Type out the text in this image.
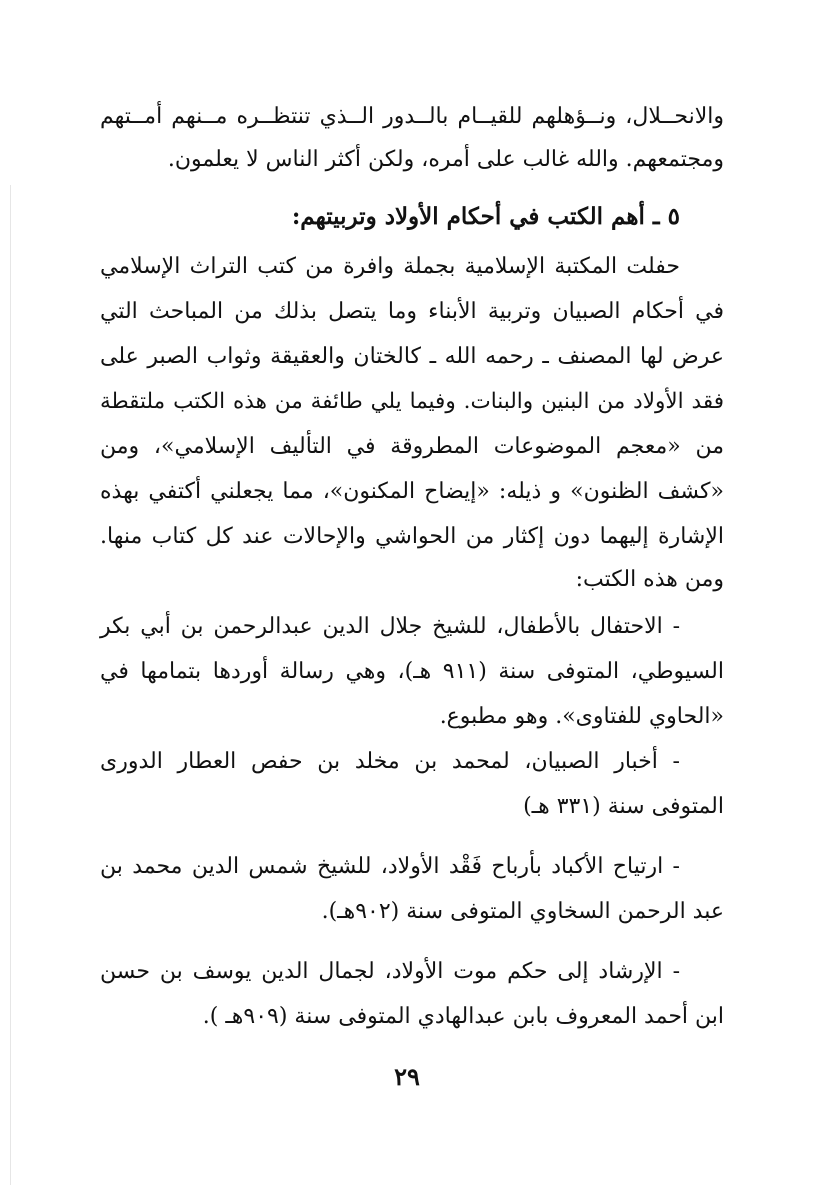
والانحــلال، ونــؤهلهم للقيــام بالــدور الــذي تنتظــره مــنهم أمــتهم
ومجتمعهم. والله غالب على أمره، ولكن أكثر الناس لا يعلمون.
٥ ـ أهم الكتب في أحكام الأولاد وتربيتهم:
حفلت المكتبة الإسلامية بجملة وافرة من كتب التراث الإسلامي
في أحكام الصبيان وتربية الأبناء وما يتصل بذلك من المباحث التي
عرض لها المصنف ـ رحمه الله ـ كالختان والعقيقة وثواب الصبر على
فقد الأولاد من البنين والبنات. وفيما يلي طائفة من هذه الكتب ملتقطة
من «معجم الموضوعات المطروقة في التأليف الإسلامي»، ومن
«كشف الظنون» و ذيله: «إيضاح المكنون»، مما يجعلني أكتفي بهذه
الإشارة إليهما دون إكثار من الحواشي والإحالات عند كل كتاب منها.
ومن هذه الكتب:
- الاحتفال بالأطفال، للشيخ جلال الدين عبدالرحمن بن أبي بكر
السيوطي، المتوفى سنة (٩١١ هـ)، وهي رسالة أوردها بتمامها في
«الحاوي للفتاوى». وهو مطبوع.
- أخبار الصبيان، لمحمد بن مخلد بن حفص العطار الدورى
المتوفى سنة (٣٣١ هـ)
- ارتياح الأكباد بأرباح فَقْد الأولاد، للشيخ شمس الدين محمد بن
عبد الرحمن السخاوي المتوفى سنة (٩٠٢هـ).
- الإرشاد إلى حكم موت الأولاد، لجمال الدين يوسف بن حسن
ابن أحمد المعروف بابن عبدالهادي المتوفى سنة (٩٠٩هـ ).
٢٩
